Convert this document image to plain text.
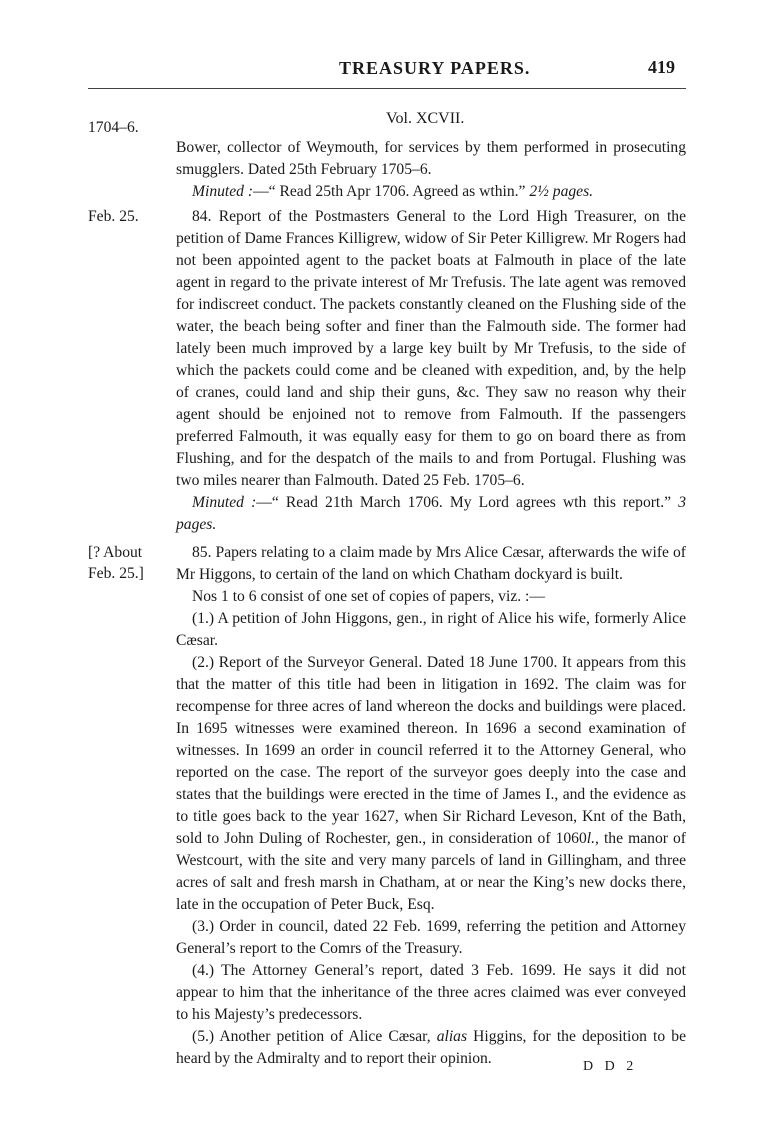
TREASURY PAPERS.	419
Vol. XCVII.
1704–6.
Feb. 25.
[? About
Feb. 25.]

Bower, collector of Weymouth, for services by them performed in prosecuting smugglers. Dated 25th February 1705–6.

Minuted :—“ Read 25th Apr 1706. Agreed as wthin.” 2½ pages.

84. Report of the Postmasters General to the Lord High Treasurer, on the petition of Dame Frances Killigrew, widow of Sir Peter Killigrew. Mr Rogers had not been appointed agent to the packet boats at Falmouth in place of the late agent in regard to the private interest of Mr Trefusis. The late agent was removed for indiscreet conduct. The packets constantly cleaned on the Flushing side of the water, the beach being softer and finer than the Falmouth side. The former had lately been much improved by a large key built by Mr Trefusis, to the side of which the packets could come and be cleaned with expedition, and, by the help of cranes, could land and ship their guns, &c. They saw no reason why their agent should be enjoined not to remove from Falmouth. If the passengers preferred Falmouth, it was equally easy for them to go on board there as from Flushing, and for the despatch of the mails to and from Portugal. Flushing was two miles nearer than Falmouth. Dated 25 Feb. 1705–6.

Minuted :—“ Read 21th March 1706. My Lord agrees wth this report.” 3 pages.

85. Papers relating to a claim made by Mrs Alice Cæsar, afterwards the wife of Mr Higgons, to certain of the land on which Chatham dockyard is built.

Nos 1 to 6 consist of one set of copies of papers, viz. :—

(1.) A petition of John Higgons, gen., in right of Alice his wife, formerly Alice Cæsar.

(2.) Report of the Surveyor General. Dated 18 June 1700. It appears from this that the matter of this title had been in litigation in 1692. The claim was for recompense for three acres of land whereon the docks and buildings were placed. In 1695 witnesses were examined thereon. In 1696 a second examination of witnesses. In 1699 an order in council referred it to the Attorney General, who reported on the case. The report of the surveyor goes deeply into the case and states that the buildings were erected in the time of James I., and the evidence as to title goes back to the year 1627, when Sir Richard Leveson, Knt of the Bath, sold to John Duling of Rochester, gen., in consideration of 1060l., the manor of Westcourt, with the site and very many parcels of land in Gillingham, and three acres of salt and fresh marsh in Chatham, at or near the King’s new docks there, late in the occupation of Peter Buck, Esq.

(3.) Order in council, dated 22 Feb. 1699, referring the petition and Attorney General’s report to the Comrs of the Treasury.

(4.) The Attorney General’s report, dated 3 Feb. 1699. He says it did not appear to him that the inheritance of the three acres claimed was ever conveyed to his Majesty’s predecessors.

(5.) Another petition of Alice Cæsar, alias Higgins, for the deposition to be heard by the Admiralty and to report their opinion.	D D 2
